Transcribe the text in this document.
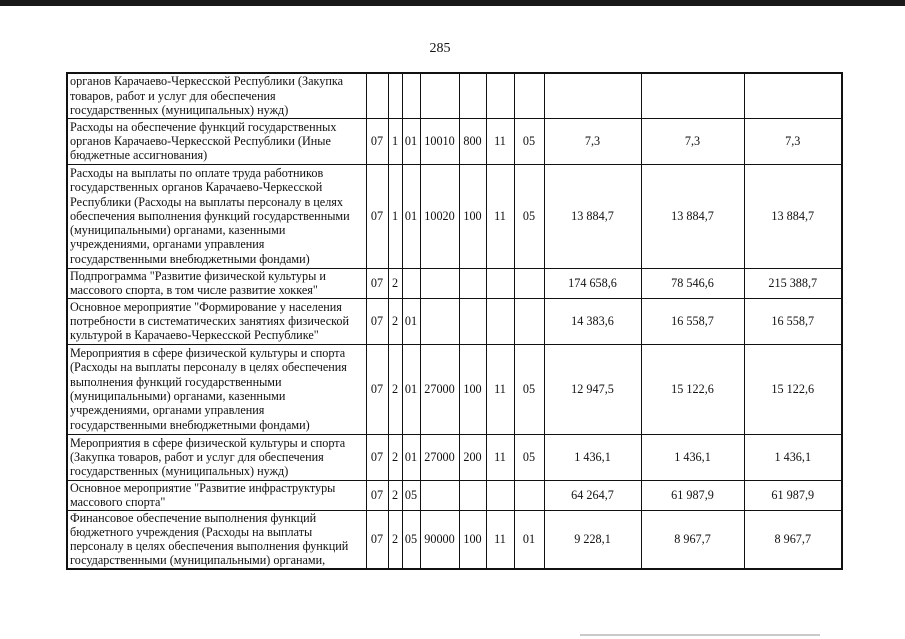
285
органов Карачаево-Черкесской Республики (Закупка товаров, работ и услуг для обеспечения государственных (муниципальных) нужд)										
Расходы на обеспечение функций государственных органов Карачаево-Черкесской Республики (Иные бюджетные ассигнования)	07	1	01	10010	800	11	05	7,3	7,3	7,3
Расходы на выплаты по оплате труда работников государственных органов Карачаево-Черкесской Республики (Расходы на выплаты персоналу в целях обеспечения выполнения функций государственными (муниципальными) органами, казенными учреждениями, органами управления государственными внебюджетными фондами)	07	1	01	10020	100	11	05	13 884,7	13 884,7	13 884,7
Подпрограмма "Развитие физической культуры и массового спорта, в том числе развитие хоккея"	07	2						174 658,6	78 546,6	215 388,7
Основное мероприятие "Формирование у населения потребности в систематических занятиях физической культурой в Карачаево-Черкесской Республике"	07	2	01					14 383,6	16 558,7	16 558,7
Мероприятия в сфере физической культуры и спорта (Расходы на выплаты персоналу в целях обеспечения выполнения функций государственными (муниципальными) органами, казенными учреждениями, органами управления государственными внебюджетными фондами)	07	2	01	27000	100	11	05	12 947,5	15 122,6	15 122,6
Мероприятия в сфере физической культуры и спорта (Закупка товаров, работ и услуг для обеспечения государственных (муниципальных) нужд)	07	2	01	27000	200	11	05	1 436,1	1 436,1	1 436,1
Основное мероприятие "Развитие инфраструктуры массового спорта"	07	2	05					64 264,7	61 987,9	61 987,9
Финансовое обеспечение выполнения функций бюджетного учреждения (Расходы на выплаты персоналу в целях обеспечения выполнения функций государственными (муниципальными) органами,	07	2	05	90000	100	11	01	9 228,1	8 967,7	8 967,7
